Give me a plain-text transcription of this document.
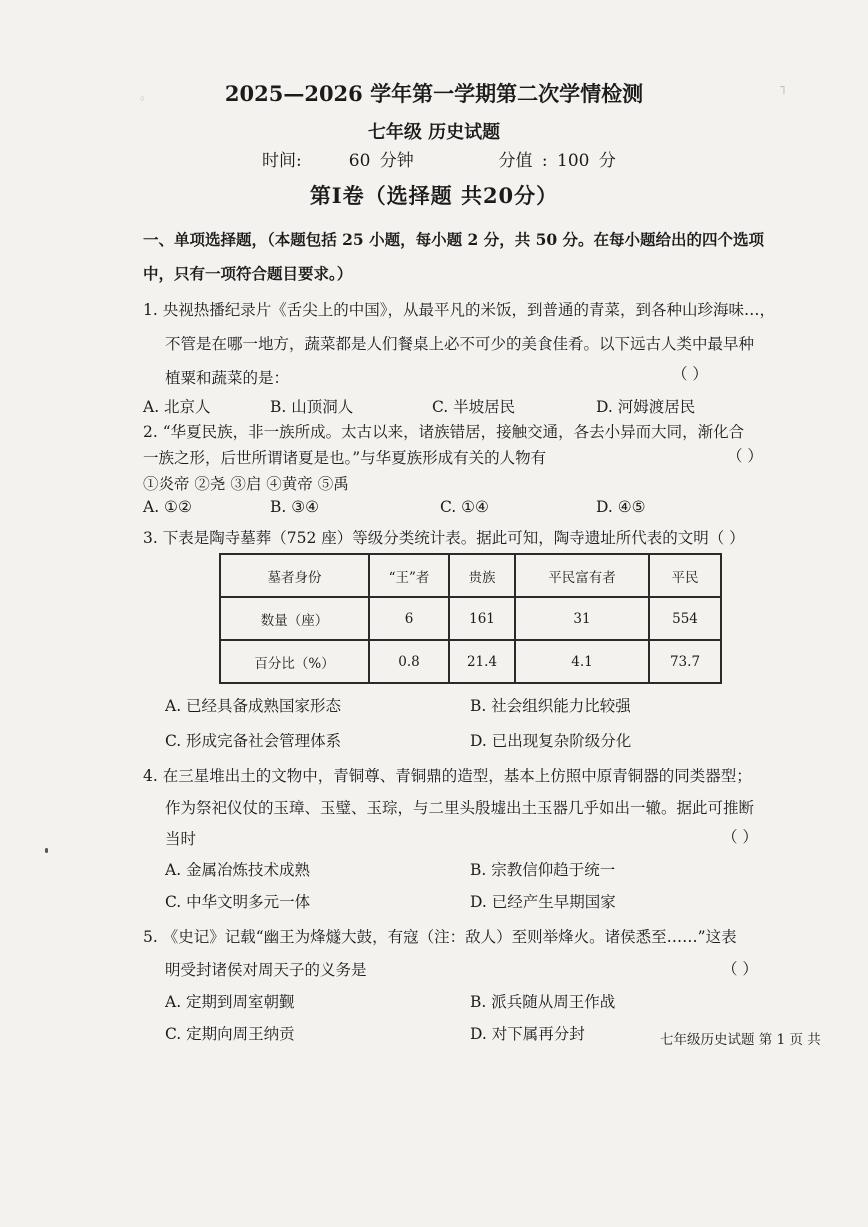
。
┐
2025—2026 学年第一学期第二次学情检测
七年级 历史试题
时间:	60 分钟	分值 : 100 分
第Ⅰ卷（选择题 共20分）
一、单项选择题，（本题包括 25 小题，每小题 2 分，共 50 分。在每小题给出的四个选项
中，只有一项符合题目要求。）
1. 央视热播纪录片《舌尖上的中国》，从最平凡的米饭，到普通的青菜，到各种山珍海味…，
不管是在哪一地方，蔬菜都是人们餐桌上必不可少的美食佳肴。以下远古人类中最早种
植粟和蔬菜的是：	（ ）
A. 北京人	B. 山顶洞人	C. 半坡居民	D. 河姆渡居民
2. “华夏民族，非一族所成。太古以来，诸族错居，接触交通，各去小异而大同，渐化合
一族之形，后世所谓诸夏是也。”与华夏族形成有关的人物有	（ ）
①炎帝 ②尧 ③启 ④黄帝 ⑤禹
A. ①②	B. ③④	C. ①④	D. ④⑤
3. 下表是陶寺墓葬（752 座）等级分类统计表。据此可知，陶寺遗址所代表的文明（ ）
墓者身份	“王”者	贵族	平民富有者	平民
数量（座）	6	161	31	554
百分比（%）	0.8	21.4	4.1	73.7
A. 已经具备成熟国家形态	B. 社会组织能力比较强
C. 形成完备社会管理体系	D. 已出现复杂阶级分化
4. 在三星堆出土的文物中，青铜尊、青铜鼎的造型，基本上仿照中原青铜器的同类器型；
作为祭祀仪仗的玉璋、玉璧、玉琮，与二里头殷墟出土玉器几乎如出一辙。据此可推断
当时	（ ）
A. 金属冶炼技术成熟	B. 宗教信仰趋于统一
C. 中华文明多元一体	D. 已经产生早期国家
5. 《史记》记载“幽王为烽燧大鼓，有寇（注：敌人）至则举烽火。诸侯悉至……”这表
明受封诸侯对周天子的义务是	（ ）
A. 定期到周室朝觐	B. 派兵随从周王作战
C. 定期向周王纳贡	D. 对下属再分封	七年级历史试题 第 1 页 共
